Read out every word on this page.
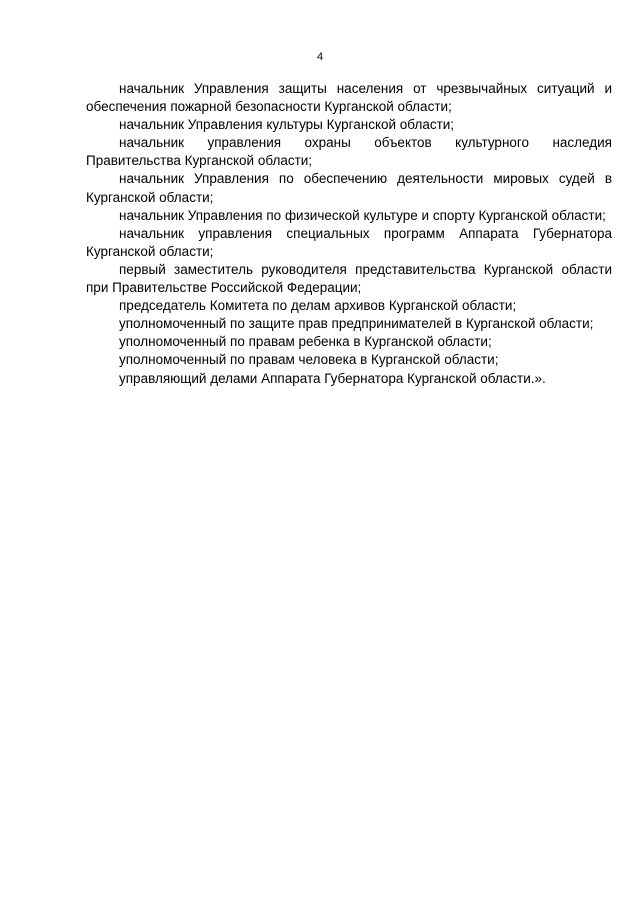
4

начальник Управления защиты населения от чрезвычайных ситуаций и обеспечения пожарной безопасности Курганской области;

начальник Управления культуры Курганской области;

начальник управления охраны объектов культурного наследия Правительства Курганской области;

начальник Управления по обеспечению деятельности мировых судей в Курганской области;

начальник Управления по физической культуре и спорту Курганской области;

начальник управления специальных программ Аппарата Губернатора Курганской области;

первый заместитель руководителя представительства Курганской области при Правительстве Российской Федерации;

председатель Комитета по делам архивов Курганской области;

уполномоченный по защите прав предпринимателей в Курганской области;

уполномоченный по правам ребенка в Курганской области;

уполномоченный по правам человека в Курганской области;

управляющий делами Аппарата Губернатора Курганской области.».
